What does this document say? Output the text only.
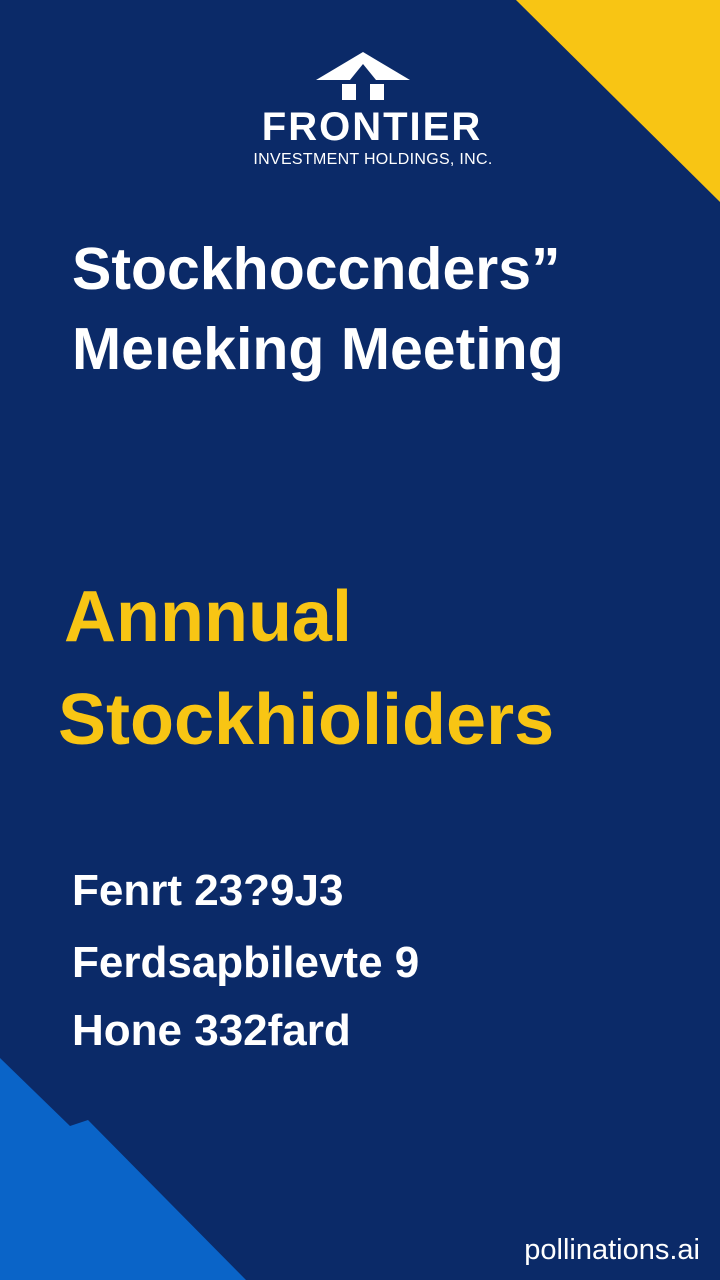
FRONTIER
INVESTMENT HOLDINGS, INC.
Stockhoccnders”
Meıeking Meeting
Annnual
Stockhioliders

Fenrt 23?9J3

Ferdsapbilevte 9

Hone 332fard

pollinations.ai
